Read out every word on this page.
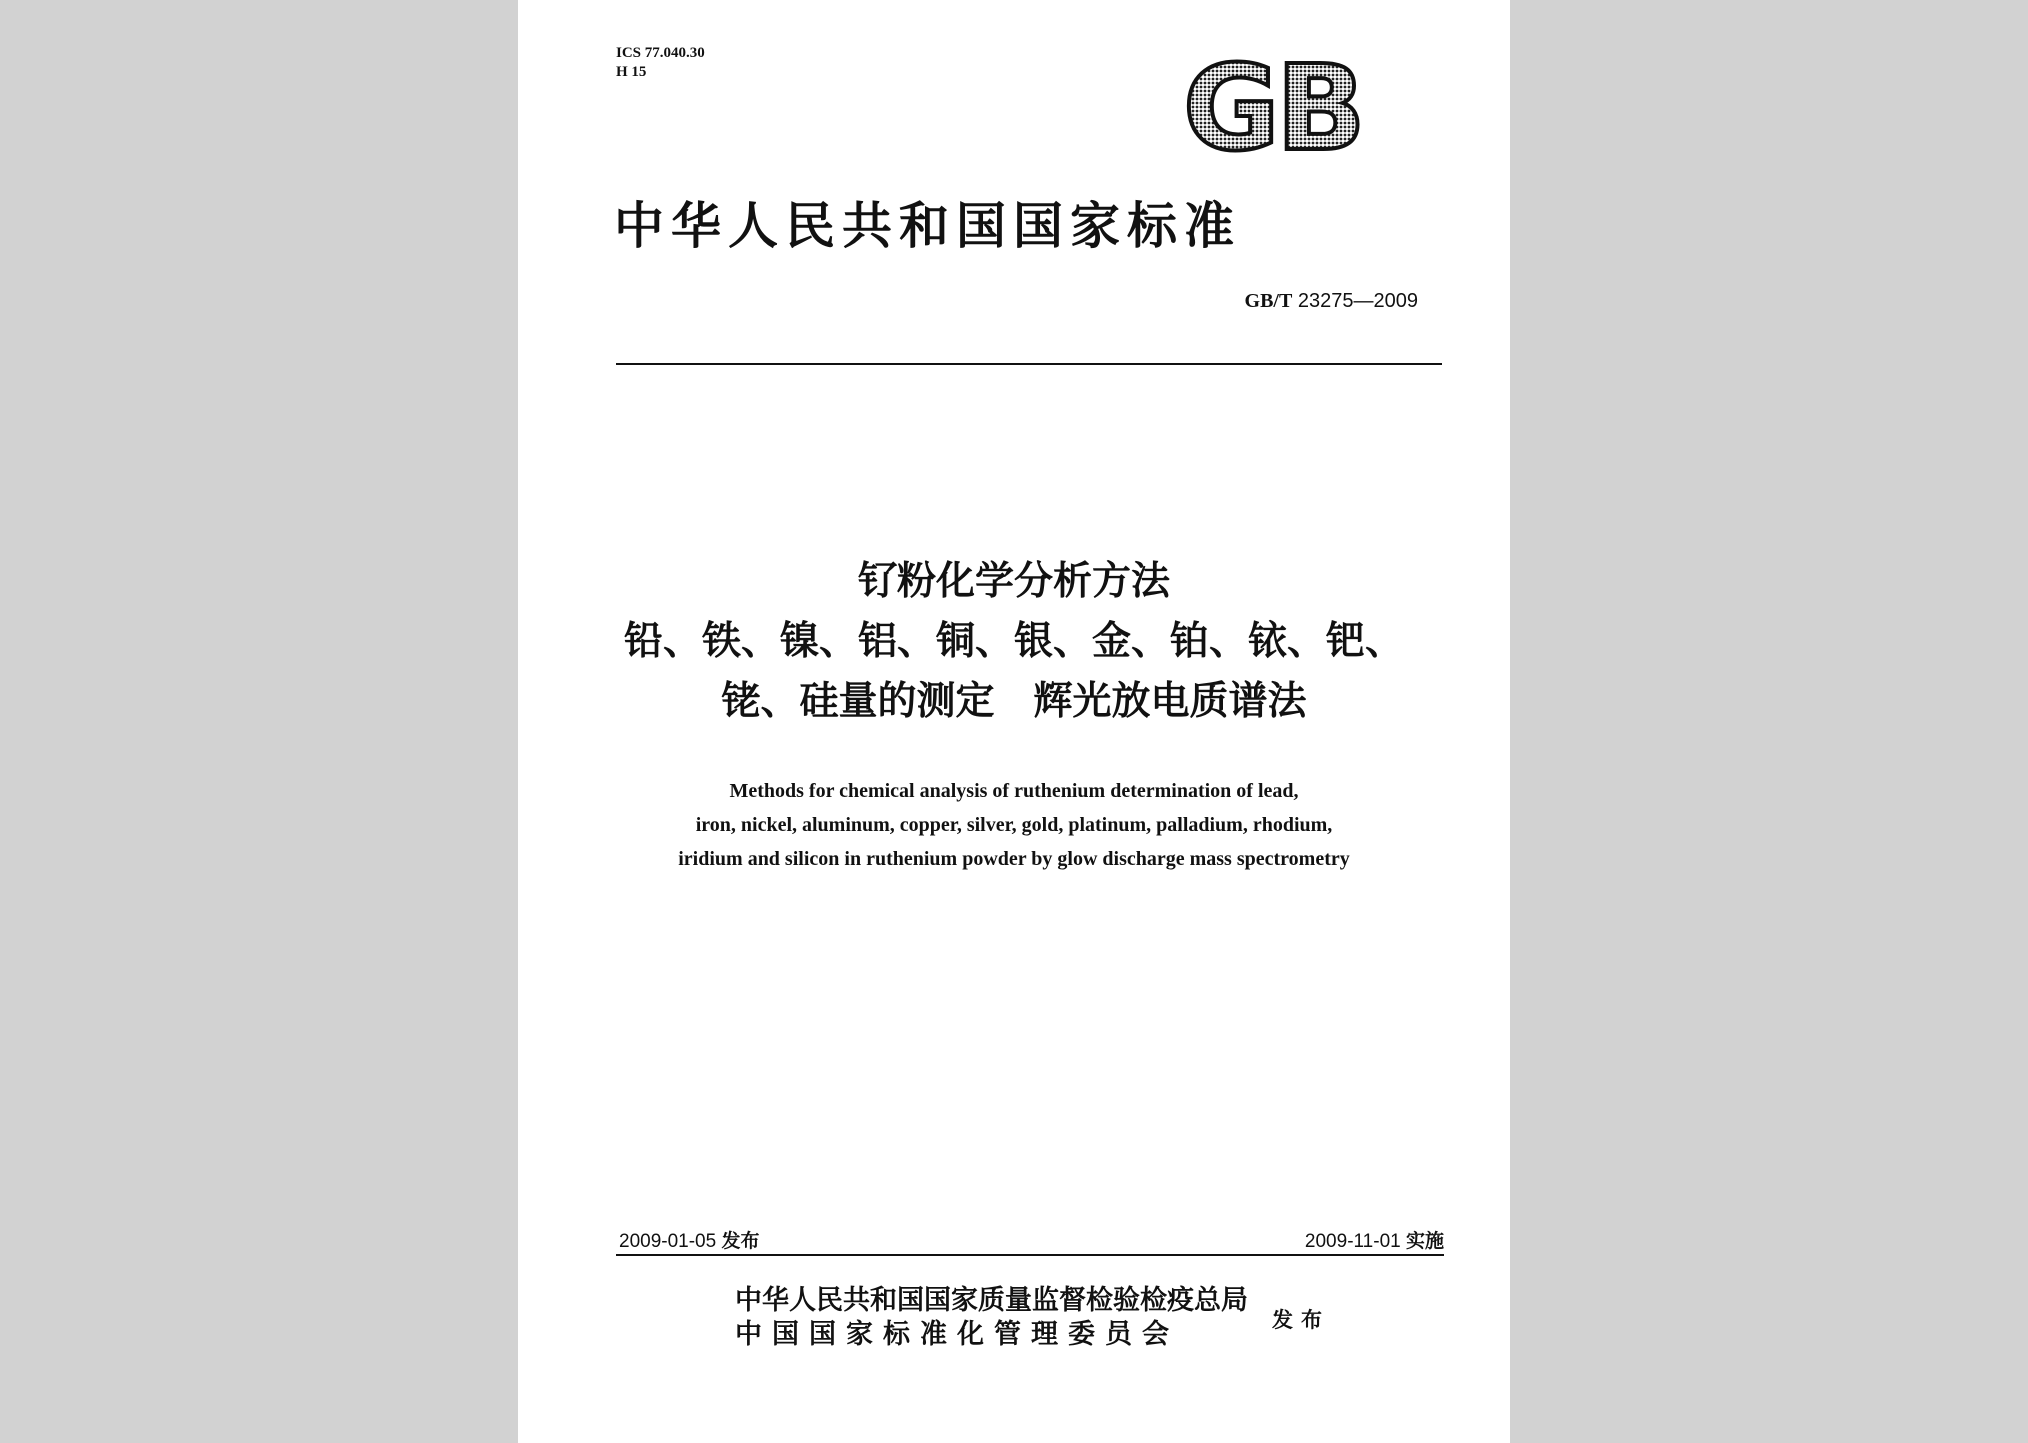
ICS 77.040.30
H 15	GB
中华人民共和国国家标准
GB/T 23275—2009
钌粉化学分析方法
铅、铁、镍、铝、铜、银、金、铂、铱、钯、
铑、硅量的测定　辉光放电质谱法
Methods for chemical analysis of ruthenium determination of lead,
iron, nickel, aluminum, copper, silver, gold, platinum, palladium, rhodium,
iridium and silicon in ruthenium powder by glow discharge mass spectrometry
2009-01-05 发布	2009-11-01 实施
中华人民共和国国家质量监督检验检疫总局
中国国家标准化管理委员会	发布
